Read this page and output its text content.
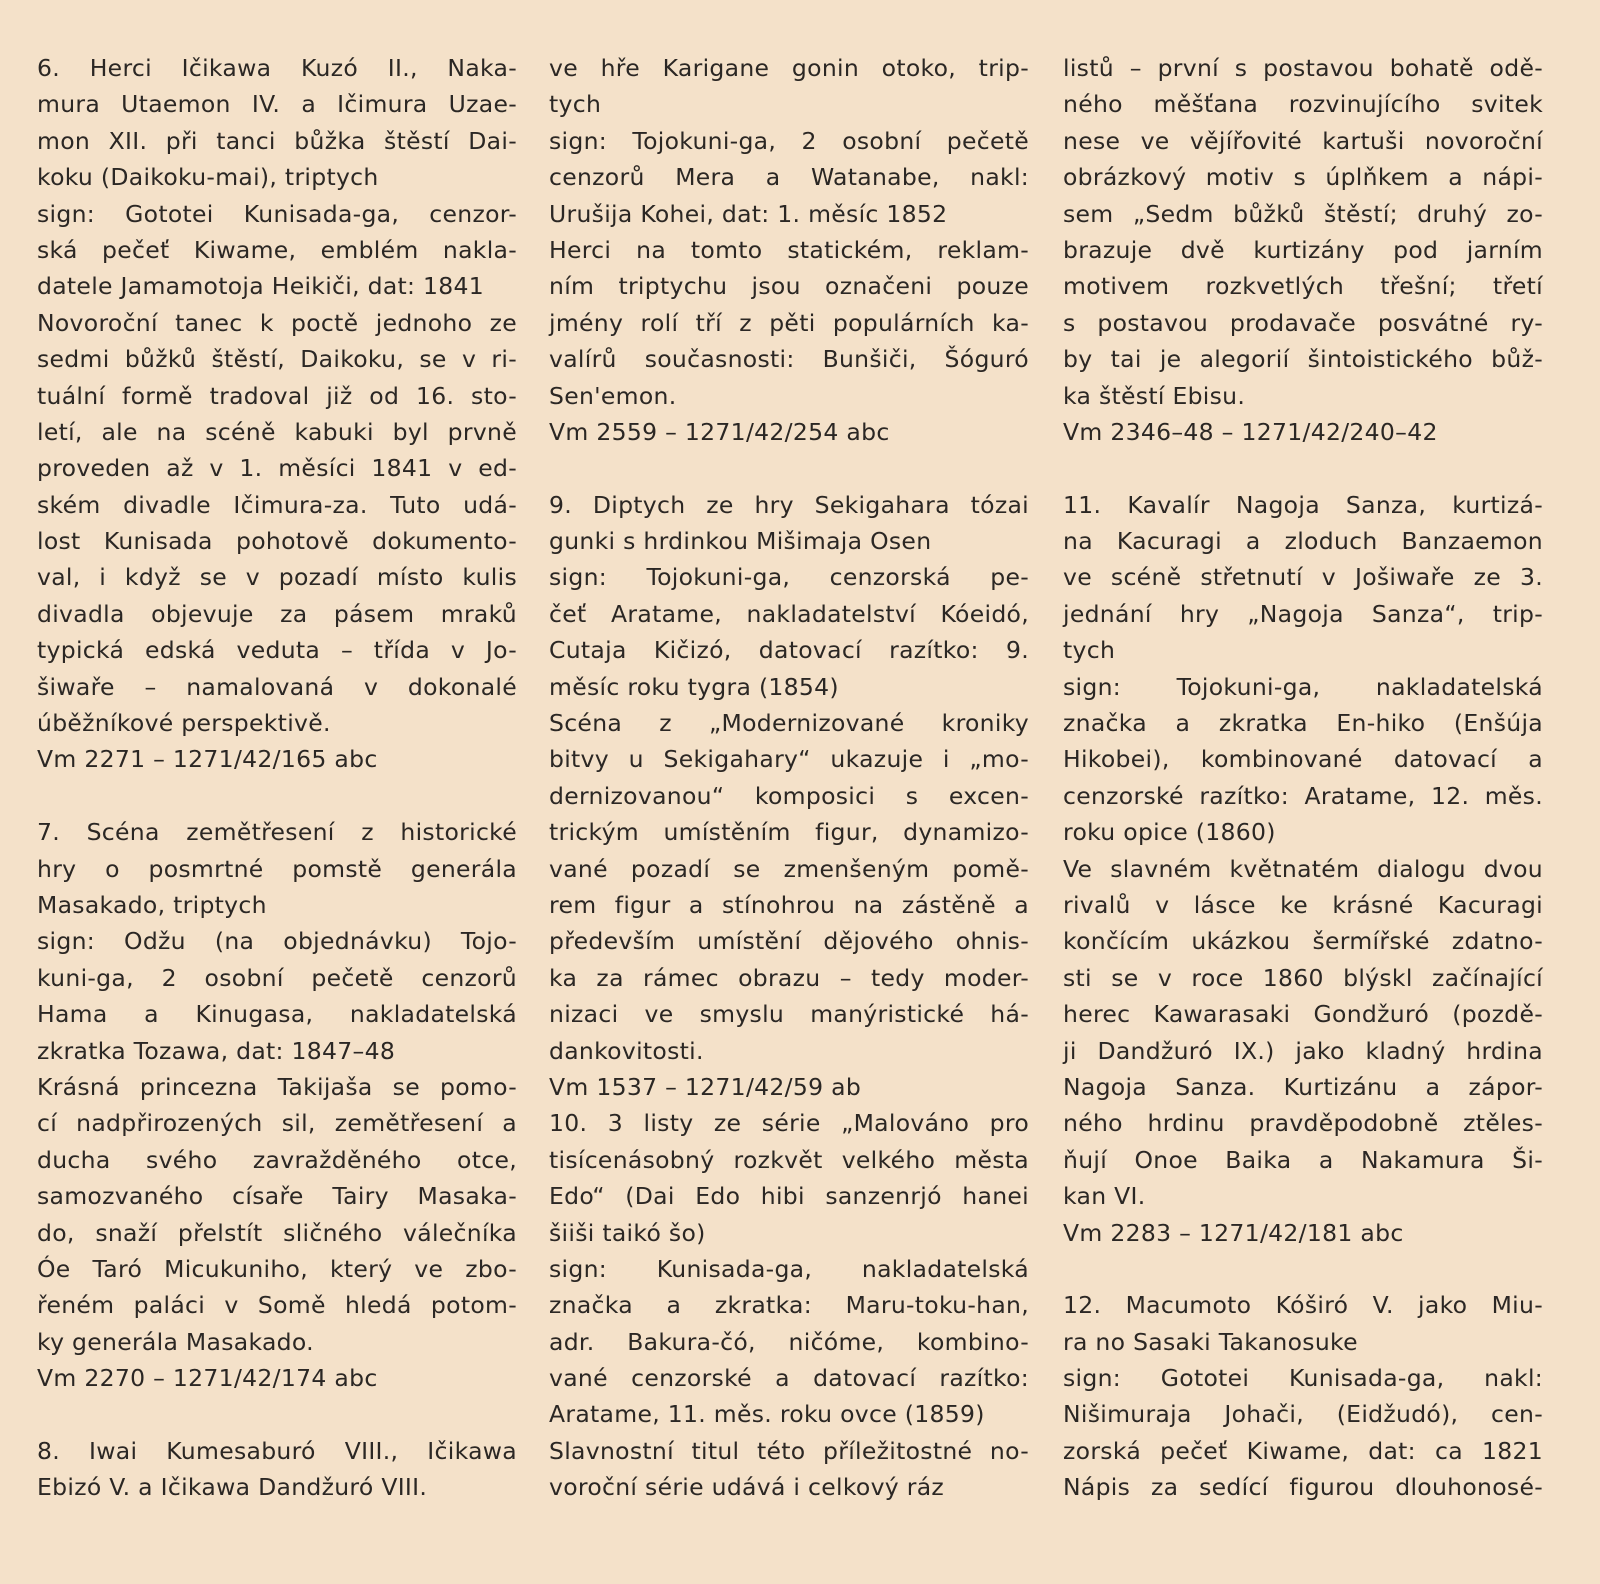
6. Herci Ičikawa Kuzó II., Naka-
mura Utaemon IV. a Ičimura Uzae-
mon XII. při tanci bůžka štěstí Dai-
koku (Daikoku-mai), triptych
sign: Gototei Kunisada-ga, cenzor-
ská pečeť Kiwame, emblém nakla-
datele Jamamotoja Heikiči, dat: 1841
Novoroční tanec k poctě jednoho ze
sedmi bůžků štěstí, Daikoku, se v ri-
tuální formě tradoval již od 16. sto-
letí, ale na scéně kabuki byl prvně
proveden až v 1. měsíci 1841 v ed-
ském divadle Ičimura-za. Tuto udá-
lost Kunisada pohotově dokumento-
val, i když se v pozadí místo kulis
divadla objevuje za pásem mraků
typická edská veduta – třída v Jo-
šiwaře – namalovaná v dokonalé
úběžníkové perspektivě.
Vm 2271 – 1271/42/165 abc
7. Scéna zemětřesení z historické
hry o posmrtné pomstě generála
Masakado, triptych
sign: Odžu (na objednávku) Tojo-
kuni-ga, 2 osobní pečetě cenzorů
Hama a Kinugasa, nakladatelská
zkratka Tozawa, dat: 1847–48
Krásná princezna Takijaša se pomo-
cí nadpřirozených sil, zemětřesení a
ducha svého zavražděného otce,
samozvaného císaře Tairy Masaka-
do, snaží přelstít sličného válečníka
Óe Taró Micukuniho, který ve zbo-
řeném paláci v Somě hledá potom-
ky generála Masakado.
Vm 2270 – 1271/42/174 abc
8. Iwai Kumesaburó VIII., Ičikawa
Ebizó V. a Ičikawa Dandžuró VIII.
ve hře Karigane gonin otoko, trip-
tych
sign: Tojokuni-ga, 2 osobní pečetě
cenzorů Mera a Watanabe, nakl:
Urušija Kohei, dat: 1. měsíc 1852
Herci na tomto statickém, reklam-
ním triptychu jsou označeni pouze
jmény rolí tří z pěti populárních ka-
valírů současnosti: Bunšiči, Šóguró
Sen'emon.
Vm 2559 – 1271/42/254 abc
9. Diptych ze hry Sekigahara tózai
gunki s hrdinkou Mišimaja Osen
sign: Tojokuni-ga, cenzorská pe-
čeť Aratame, nakladatelství Kóeidó,
Cutaja Kičizó, datovací razítko: 9.
měsíc roku tygra (1854)
Scéna z „Modernizované kroniky
bitvy u Sekigahary“ ukazuje i „mo-
dernizovanou“ komposici s excen-
trickým umístěním figur, dynamizo-
vané pozadí se zmenšeným pomě-
rem figur a stínohrou na zástěně a
především umístění dějového ohnis-
ka za rámec obrazu – tedy moder-
nizaci ve smyslu manýristické há-
dankovitosti.
Vm 1537 – 1271/42/59 ab
10. 3 listy ze série „Malováno pro
tisícenásobný rozkvět velkého města
Edo“ (Dai Edo hibi sanzenrjó hanei
šiiši taikó šo)
sign: Kunisada-ga, nakladatelská
značka a zkratka: Maru-toku-han,
adr. Bakura-čó, ničóme, kombino-
vané cenzorské a datovací razítko:
Aratame, 11. měs. roku ovce (1859)
Slavnostní titul této příležitostné no-
voroční série udává i celkový ráz
listů – první s postavou bohatě odě-
ného měšťana rozvinujícího svitek
nese ve vějířovité kartuši novoroční
obrázkový motiv s úplňkem a nápi-
sem „Sedm bůžků štěstí; druhý zo-
brazuje dvě kurtizány pod jarním
motivem rozkvetlých třešní; třetí
s postavou prodavače posvátné ry-
by tai je alegorií šintoistického bůž-
ka štěstí Ebisu.
Vm 2346–48 – 1271/42/240–42
11. Kavalír Nagoja Sanza, kurtizá-
na Kacuragi a zloduch Banzaemon
ve scéně střetnutí v Jošiwaře ze 3.
jednání hry „Nagoja Sanza“, trip-
tych
sign: Tojokuni-ga, nakladatelská
značka a zkratka En-hiko (Enšúja
Hikobei), kombinované datovací a
cenzorské razítko: Aratame, 12. měs.
roku opice (1860)
Ve slavném květnatém dialogu dvou
rivalů v lásce ke krásné Kacuragi
končícím ukázkou šermířské zdatno-
sti se v roce 1860 blýskl začínající
herec Kawarasaki Gondžuró (pozdě-
ji Dandžuró IX.) jako kladný hrdina
Nagoja Sanza. Kurtizánu a zápor-
ného hrdinu pravděpodobně ztěles-
ňují Onoe Baika a Nakamura Ši-
kan VI.
Vm 2283 – 1271/42/181 abc
12. Macumoto Kóširó V. jako Miu-
ra no Sasaki Takanosuke
sign: Gototei Kunisada-ga, nakl:
Nišimuraja Johači, (Eidžudó), cen-
zorská pečeť Kiwame, dat: ca 1821
Nápis za sedící figurou dlouhonosé-
